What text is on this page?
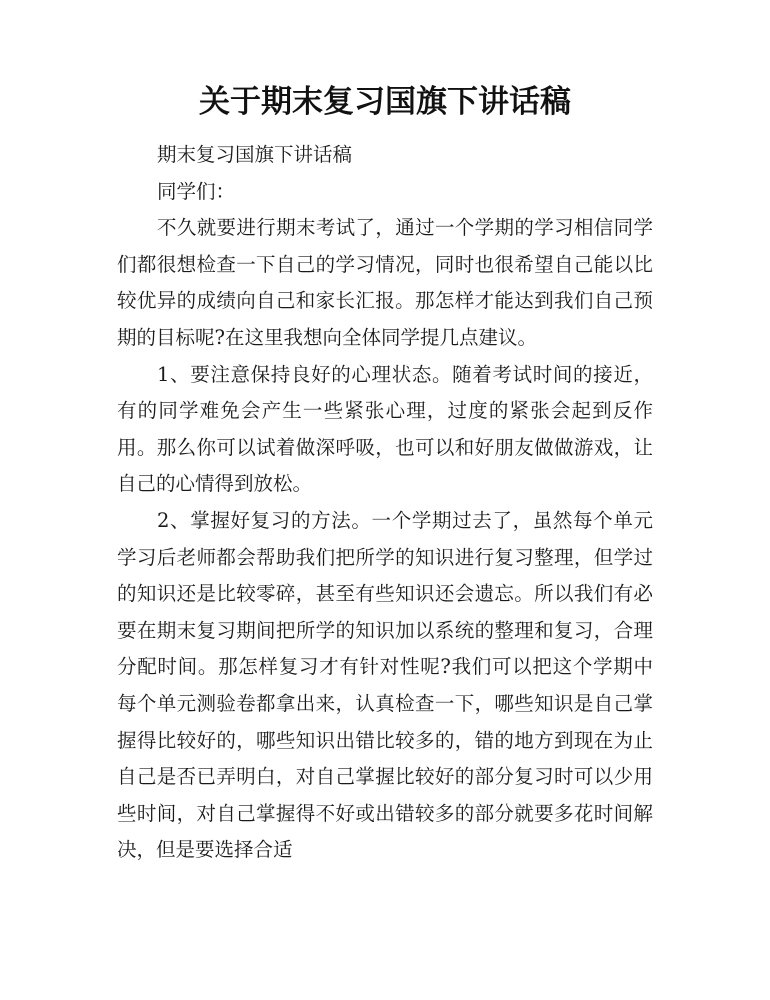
关于期末复习国旗下讲话稿

期末复习国旗下讲话稿

同学们：

不久就要进行期末考试了，通过一个学期的学习相信同学们都很想检查一下自己的学习情况，同时也很希望自己能以比较优异的成绩向自己和家长汇报。那怎样才能达到我们自己预期的目标呢?在这里我想向全体同学提几点建议。

1、要注意保持良好的心理状态。随着考试时间的接近，有的同学难免会产生一些紧张心理，过度的紧张会起到反作用。那么你可以试着做深呼吸，也可以和好朋友做做游戏，让自己的心情得到放松。

2、掌握好复习的方法。一个学期过去了，虽然每个单元学习后老师都会帮助我们把所学的知识进行复习整理，但学过的知识还是比较零碎，甚至有些知识还会遗忘。所以我们有必要在期末复习期间把所学的知识加以系统的整理和复习，合理分配时间。那怎样复习才有针对性呢?我们可以把这个学期中每个单元测验卷都拿出来，认真检查一下，哪些知识是自己掌握得比较好的，哪些知识出错比较多的，错的地方到现在为止自己是否已弄明白，对自己掌握比较好的部分复习时可以少用些时间，对自己掌握得不好或出错较多的部分就要多花时间解决，但是要选择合适
